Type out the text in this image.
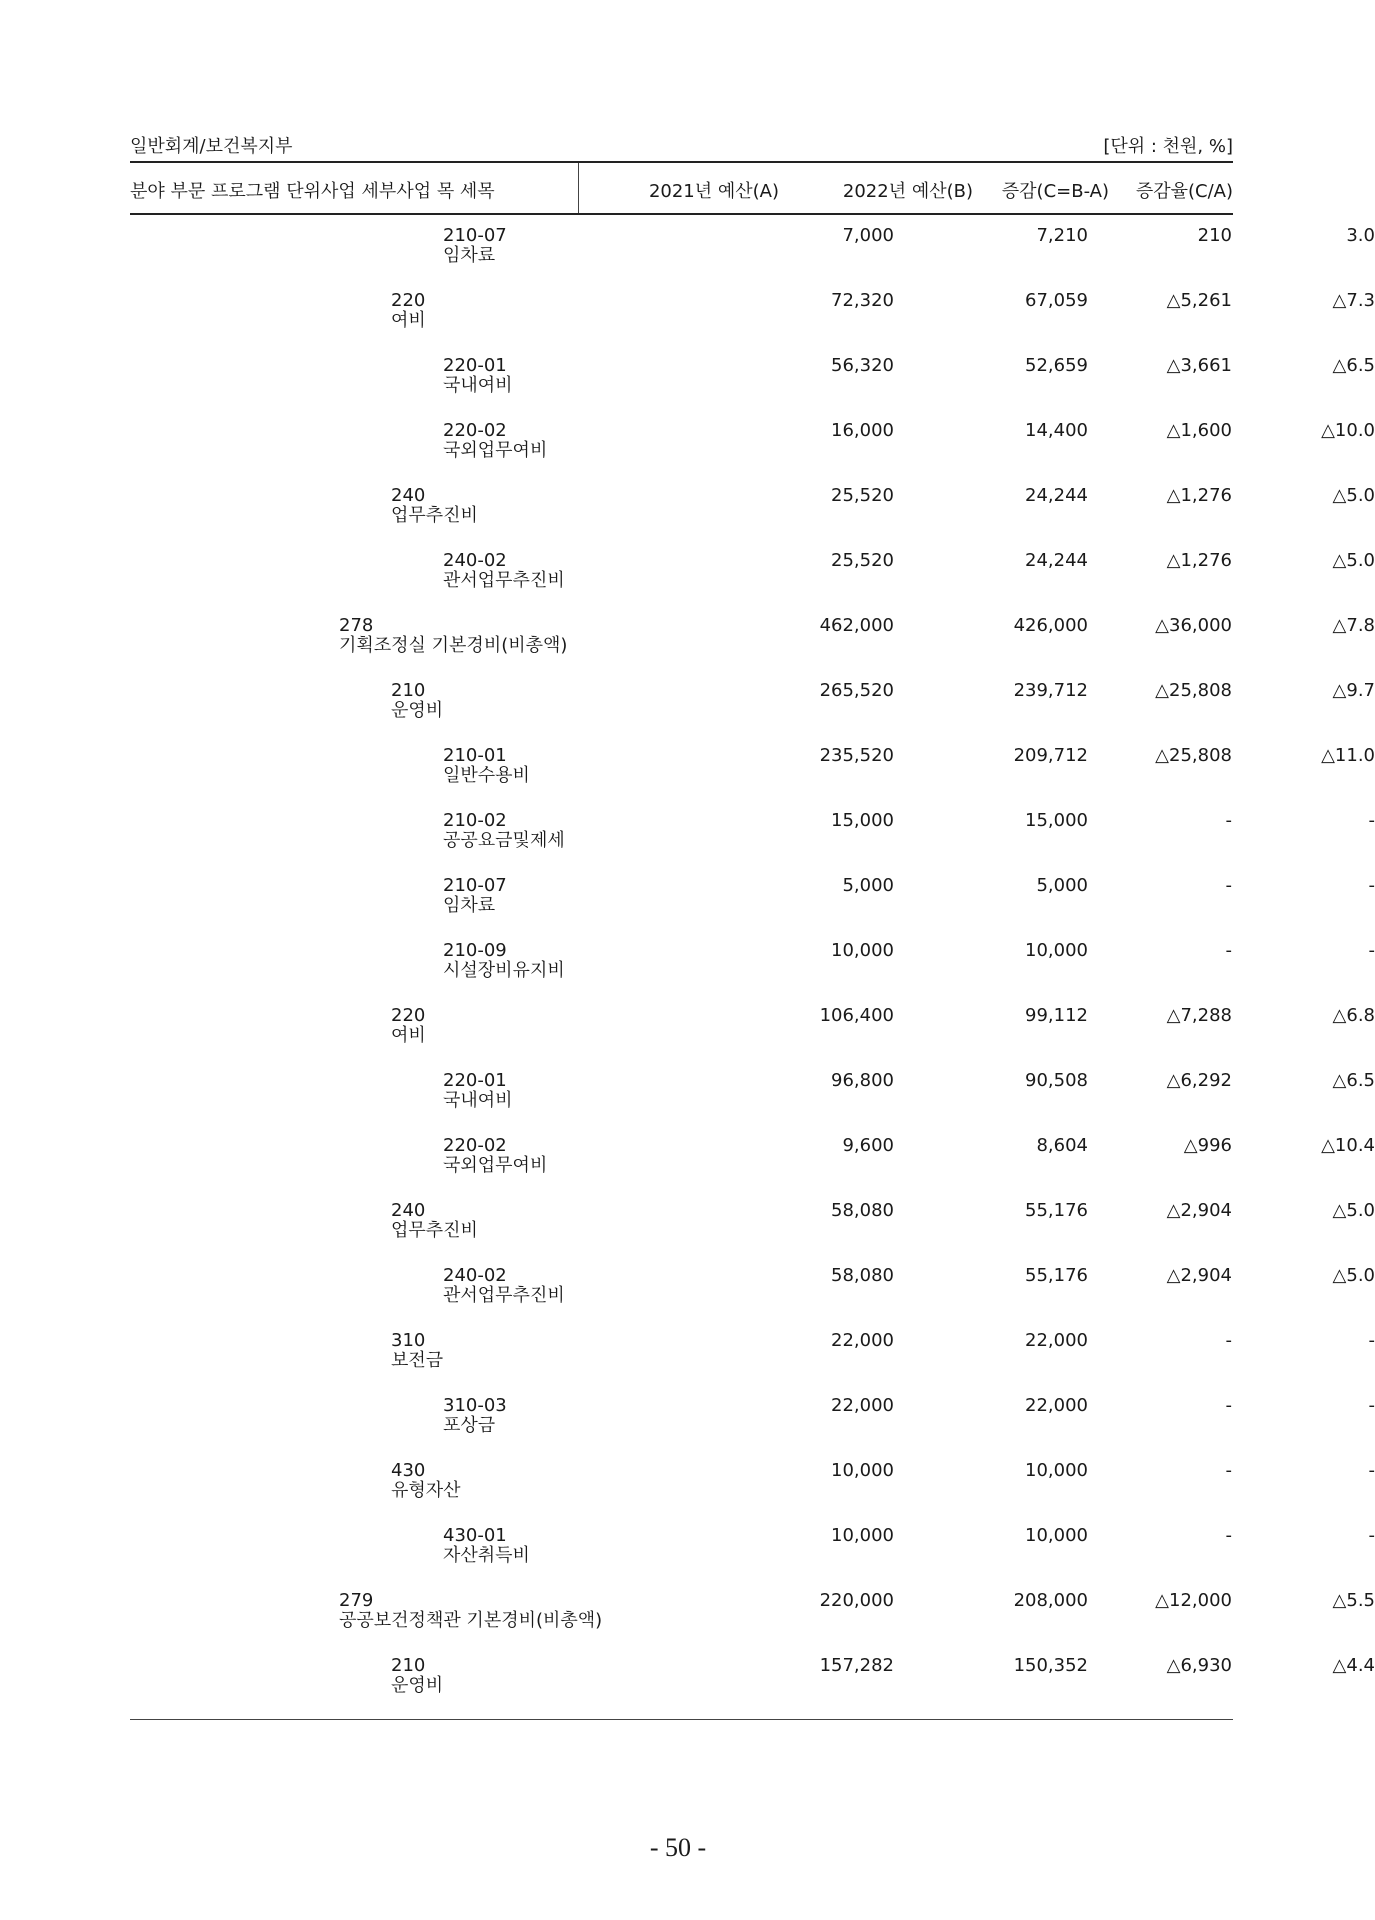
일반회계/보건복지부	[단위 : 천원, %]
분야 부문 프로그램 단위사업 세부사업 목 세목	2021년 예산(A)	2022년 예산(B) 증감(C=B-A) 증감율(C/A)
210-07
임차료
7,000	7,210	210	3.0
220
여비
72,320	67,059	△5,261	△7.3
220-01
국내여비
56,320	52,659	△3,661	△6.5
220-02
국외업무여비
16,000	14,400	△1,600	△10.0
240
업무추진비
25,520	24,244	△1,276	△5.0
240-02
관서업무추진비
25,520	24,244	△1,276	△5.0
278
기획조정실 기본경비(비총액)
462,000	426,000	△36,000	△7.8
210
운영비
265,520	239,712	△25,808	△9.7
210-01
일반수용비
235,520	209,712	△25,808	△11.0
210-02
공공요금및제세
15,000	15,000	-	-
210-07
임차료
5,000	5,000	-	-
210-09
시설장비유지비
10,000	10,000	-	-
220
여비
106,400	99,112	△7,288	△6.8
220-01
국내여비
96,800	90,508	△6,292	△6.5
220-02
국외업무여비
9,600	8,604	△996	△10.4
240
업무추진비
58,080	55,176	△2,904	△5.0
240-02
관서업무추진비
58,080	55,176	△2,904	△5.0
310
보전금
22,000	22,000	-	-
310-03
포상금
22,000	22,000	-	-
430
유형자산
10,000	10,000	-	-
430-01
자산취득비
10,000	10,000	-	-
279
공공보건정책관 기본경비(비총액)
220,000	208,000	△12,000	△5.5
210
운영비
157,282	150,352	△6,930	△4.4
- 50 -
